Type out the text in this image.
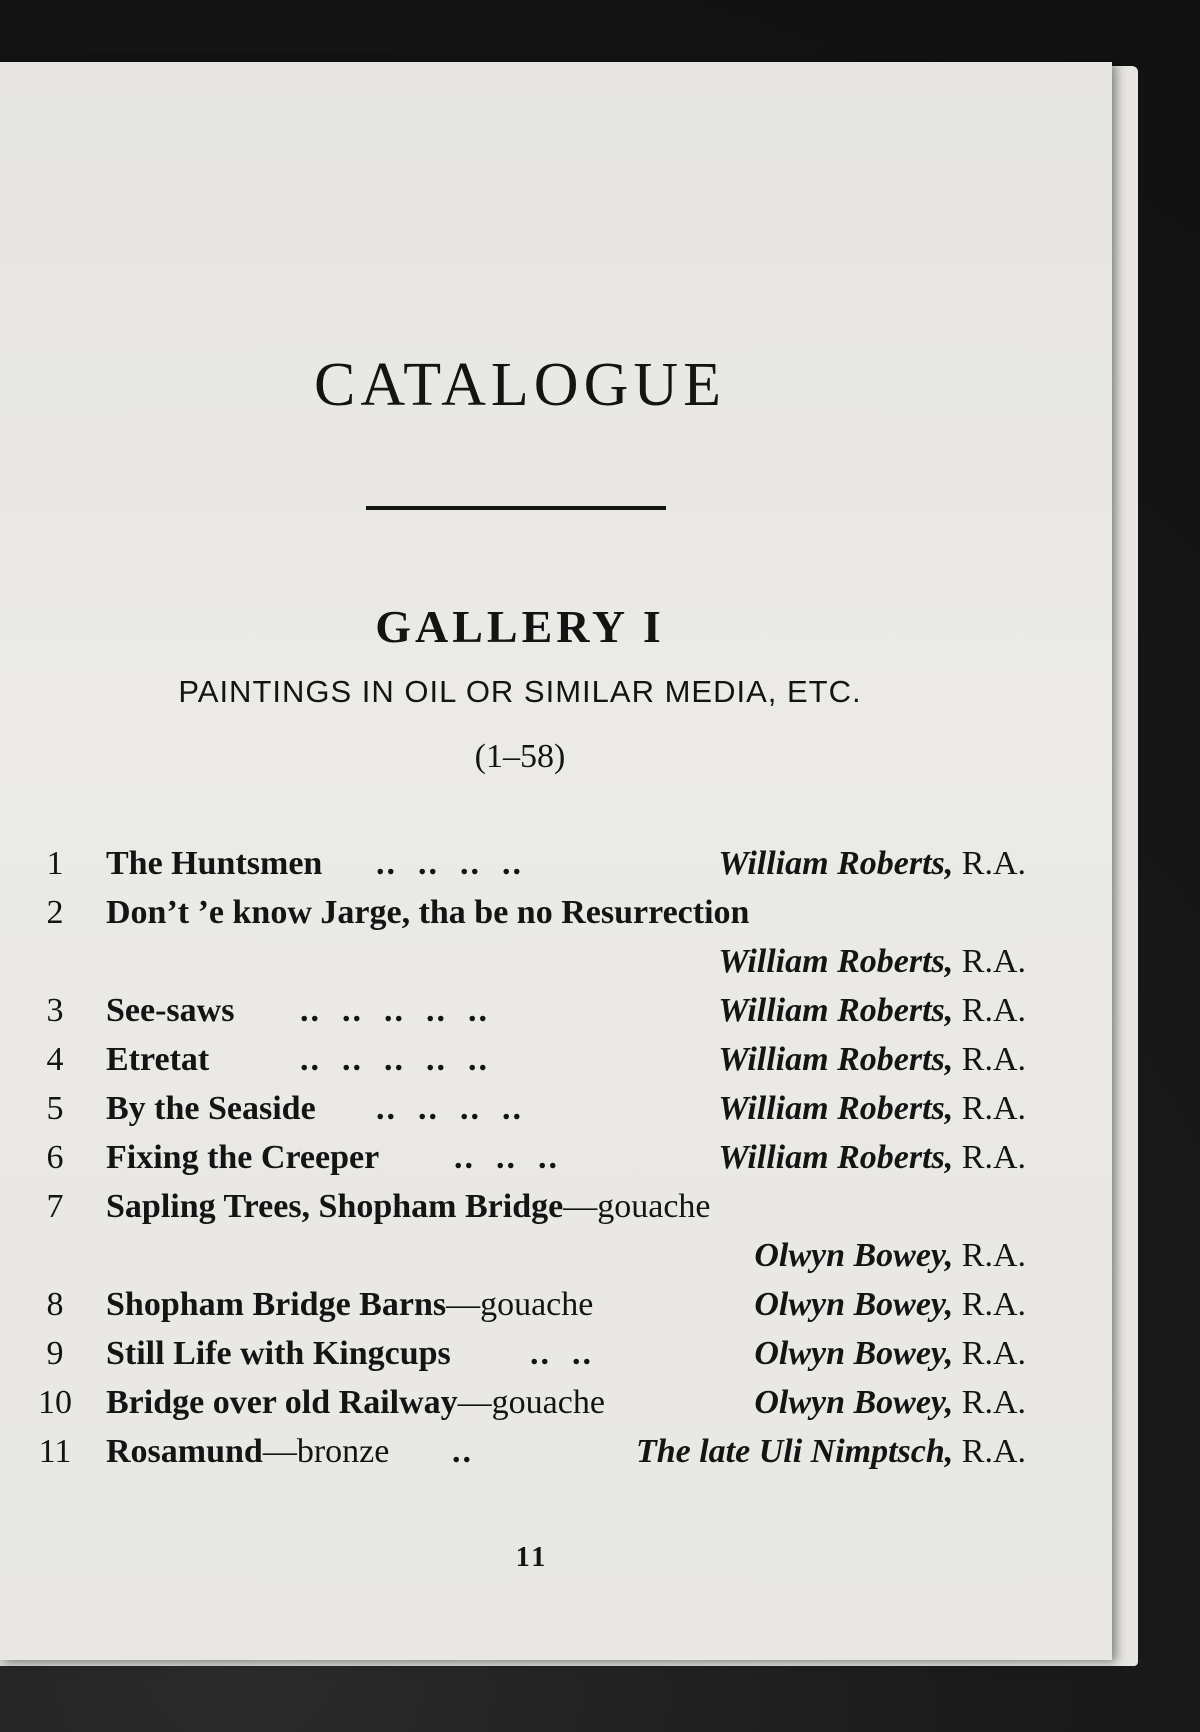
CATALOGUE
GALLERY I
PAINTINGS IN OIL OR SIMILAR MEDIA, ETC.
(1–58)
1	The Huntsmen ..  ..  ..  ..	William Roberts, R.A.
2	Don’t ’e know Jarge, tha be no Resurrection
William Roberts, R.A.
3	See-saws ..  ..  ..  ..  ..	William Roberts, R.A.
4	Etretat	..  ..  ..  ..  ..	William Roberts, R.A.
5	By the Seaside ..  ..  ..  ..	William Roberts, R.A.
6	Fixing the Creeper ..  ..  ..	William Roberts, R.A.
7	Sapling Trees, Shopham Bridge—gouache
Olwyn Bowey, R.A.
8	Shopham Bridge Barns—gouache	Olwyn Bowey, R.A.
9	Still Life with Kingcups ..  ..	Olwyn Bowey, R.A.
10 Bridge over old Railway—gouache	Olwyn Bowey, R.A.
11 Rosamund—bronze ..	The late Uli Nimptsch, R.A.
11
